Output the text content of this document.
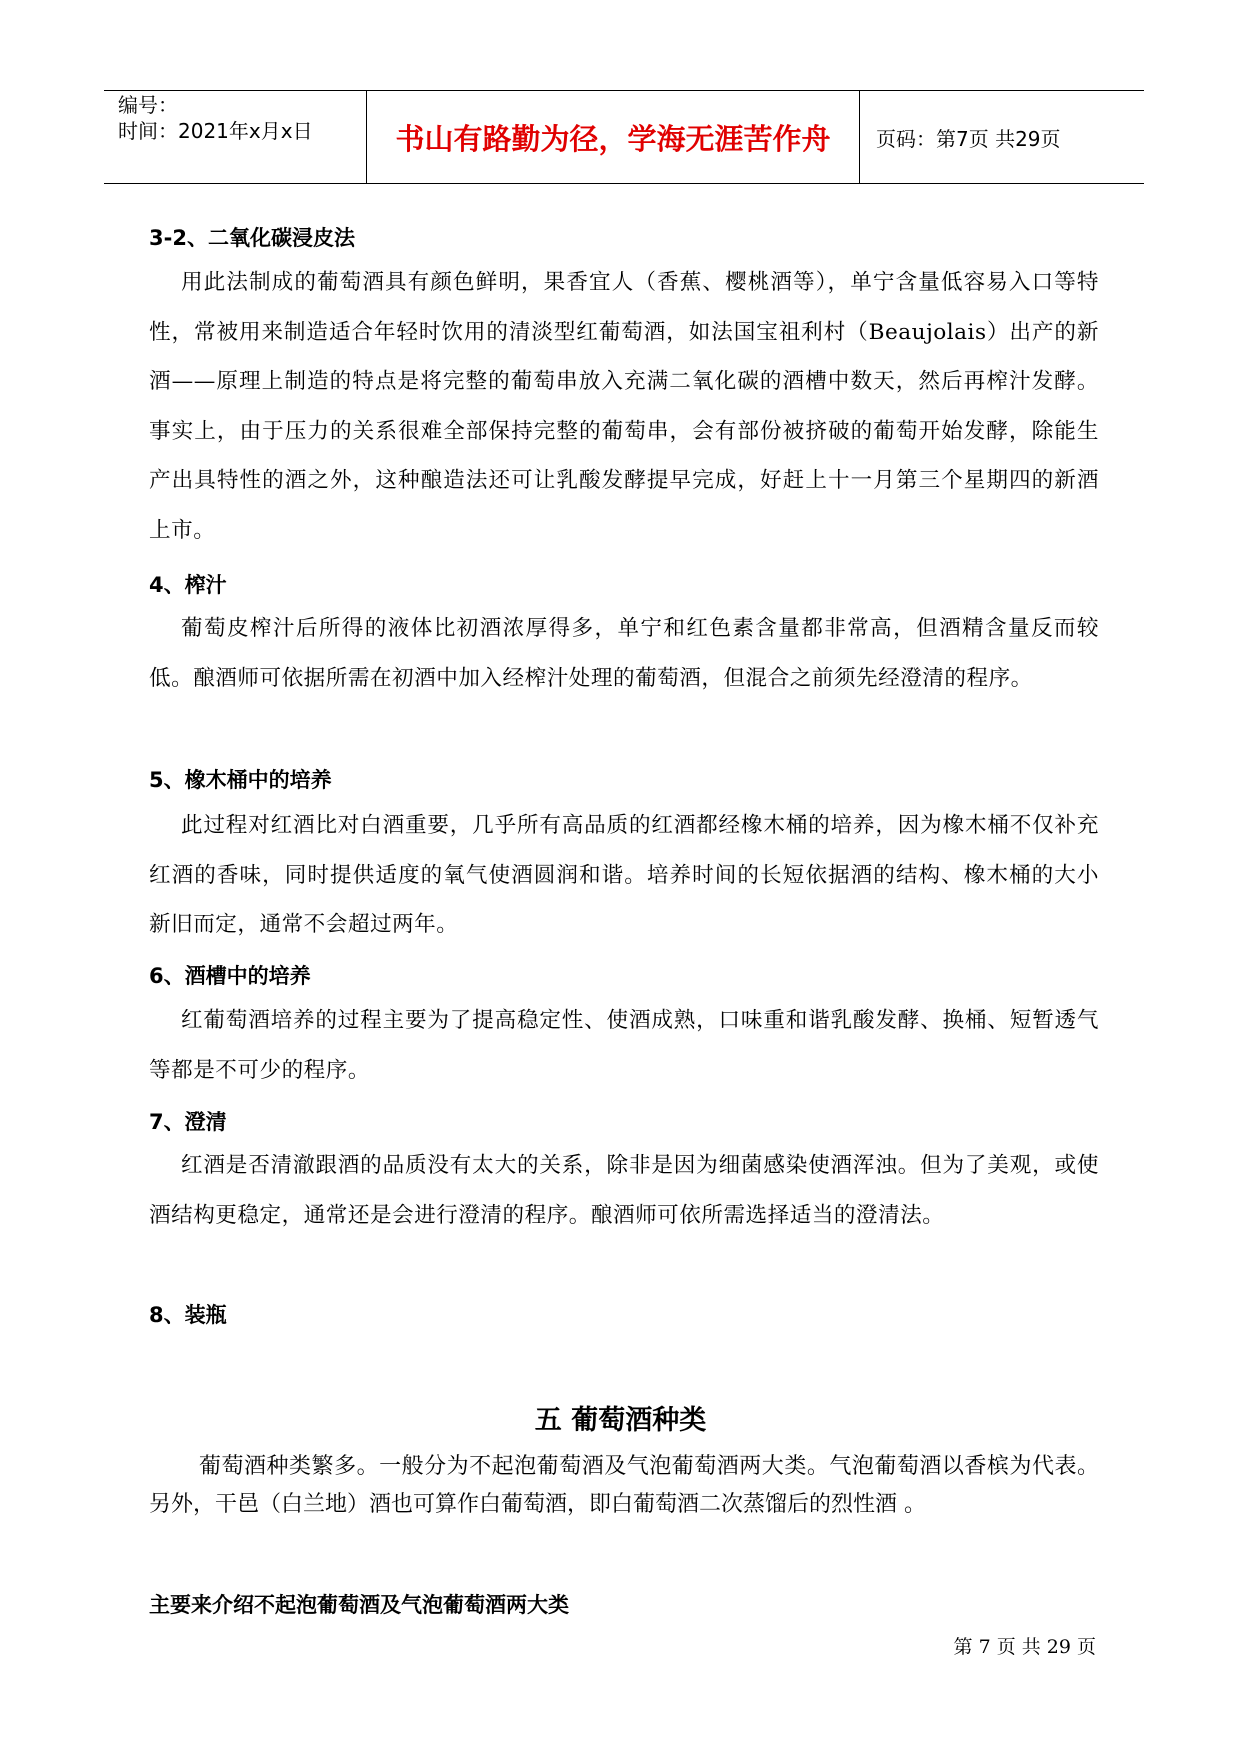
编号：
时间：2021年x月x日	书山有路勤为径，学海无涯苦作舟 页码：第7页 共29页
3-2、二氧化碳浸皮法
用此法制成的葡萄酒具有颜色鲜明，果香宜人（香蕉、樱桃酒等），单宁含量低容易入口等特性，常被用来制造适合年轻时饮用的清淡型红葡萄酒，如法国宝祖利村（Beaujolais）出产的新酒——原理上制造的特点是将完整的葡萄串放入充满二氧化碳的酒槽中数天，然后再榨汁发酵。事实上，由于压力的关系很难全部保持完整的葡萄串，会有部份被挤破的葡萄开始发酵，除能生产出具特性的酒之外，这种酿造法还可让乳酸发酵提早完成，好赶上十一月第三个星期四的新酒上市。
4、榨汁
葡萄皮榨汁后所得的液体比初酒浓厚得多，单宁和红色素含量都非常高，但酒精含量反而较低。酿酒师可依据所需在初酒中加入经榨汁处理的葡萄酒，但混合之前须先经澄清的程序。
5、橡木桶中的培养
此过程对红酒比对白酒重要，几乎所有高品质的红酒都经橡木桶的培养，因为橡木桶不仅补充红酒的香味，同时提供适度的氧气使酒圆润和谐。培养时间的长短依据酒的结构、橡木桶的大小新旧而定，通常不会超过两年。
6、酒槽中的培养
红葡萄酒培养的过程主要为了提高稳定性、使酒成熟，口味重和谐乳酸发酵、换桶、短暂透气等都是不可少的程序。
7、澄清
红酒是否清澈跟酒的品质没有太大的关系，除非是因为细菌感染使酒浑浊。但为了美观，或使酒结构更稳定，通常还是会进行澄清的程序。酿酒师可依所需选择适当的澄清法。
8、装瓶
五 葡萄酒种类
葡萄酒种类繁多。一般分为不起泡葡萄酒及气泡葡萄酒两大类。气泡葡萄酒以香槟为代表。另外，干邑（白兰地）酒也可算作白葡萄酒，即白葡萄酒二次蒸馏后的烈性酒 。
主要来介绍不起泡葡萄酒及气泡葡萄酒两大类
第 7 页 共 29 页
